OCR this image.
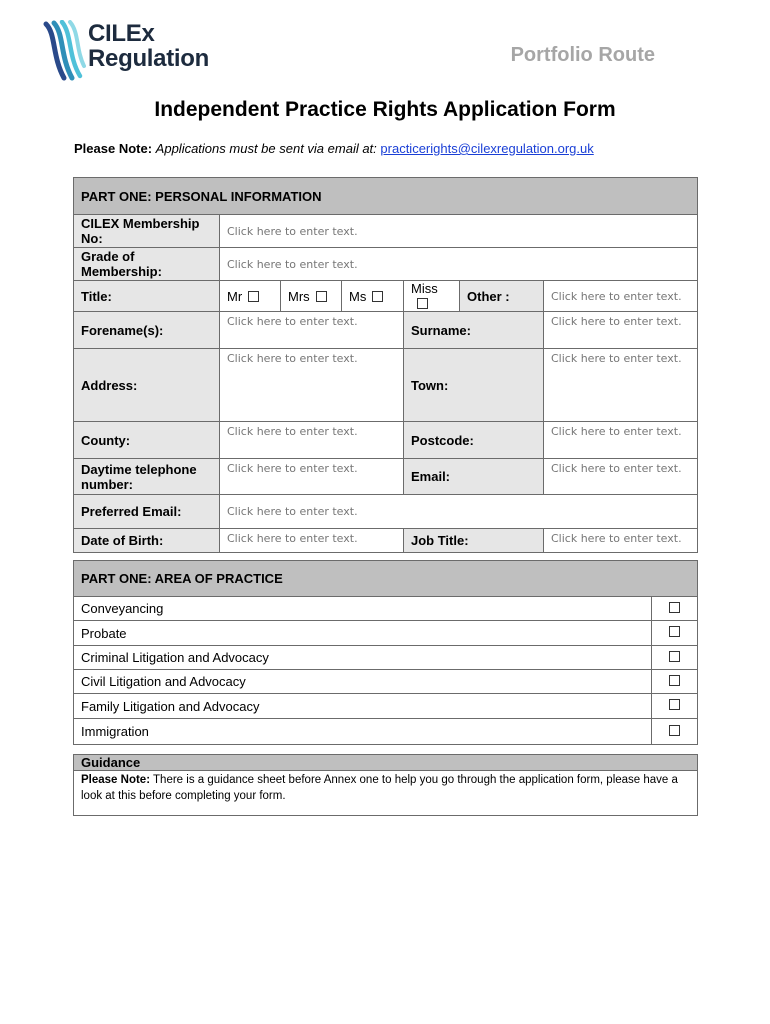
CILEx
Regulation	Portfolio Route
Independent Practice Rights Application Form
Please Note: Applications must be sent via email at: practicerights@cilexregulation.org.uk
PART ONE: PERSONAL INFORMATION						
CILEX Membership No:	Click here to enter text.					
Grade of Membership:	Click here to enter text.					
Title:	Mr	Mrs	Ms	Miss	Other :	Click here to enter text.
Forename(s):	Click here to enter text.			Surname:		Click here to enter text.
Address:	Click here to enter text.			Town:		Click here to enter text.
County:	Click here to enter text.			Postcode:		Click here to enter text.
Daytime telephone number:	Click here to enter text.			Email:		Click here to enter text.
Preferred Email:	Click here to enter text.					
Date of Birth:	Click here to enter text.			Job Title:		Click here to enter text.
PART ONE: AREA OF PRACTICE	
Conveyancing	
Probate	
Criminal Litigation and Advocacy	
Civil Litigation and Advocacy	
Family Litigation and Advocacy	
Immigration	
Guidance
Please Note: There is a guidance sheet before Annex one to help you go through the application form, please have a look at this before completing your form.
